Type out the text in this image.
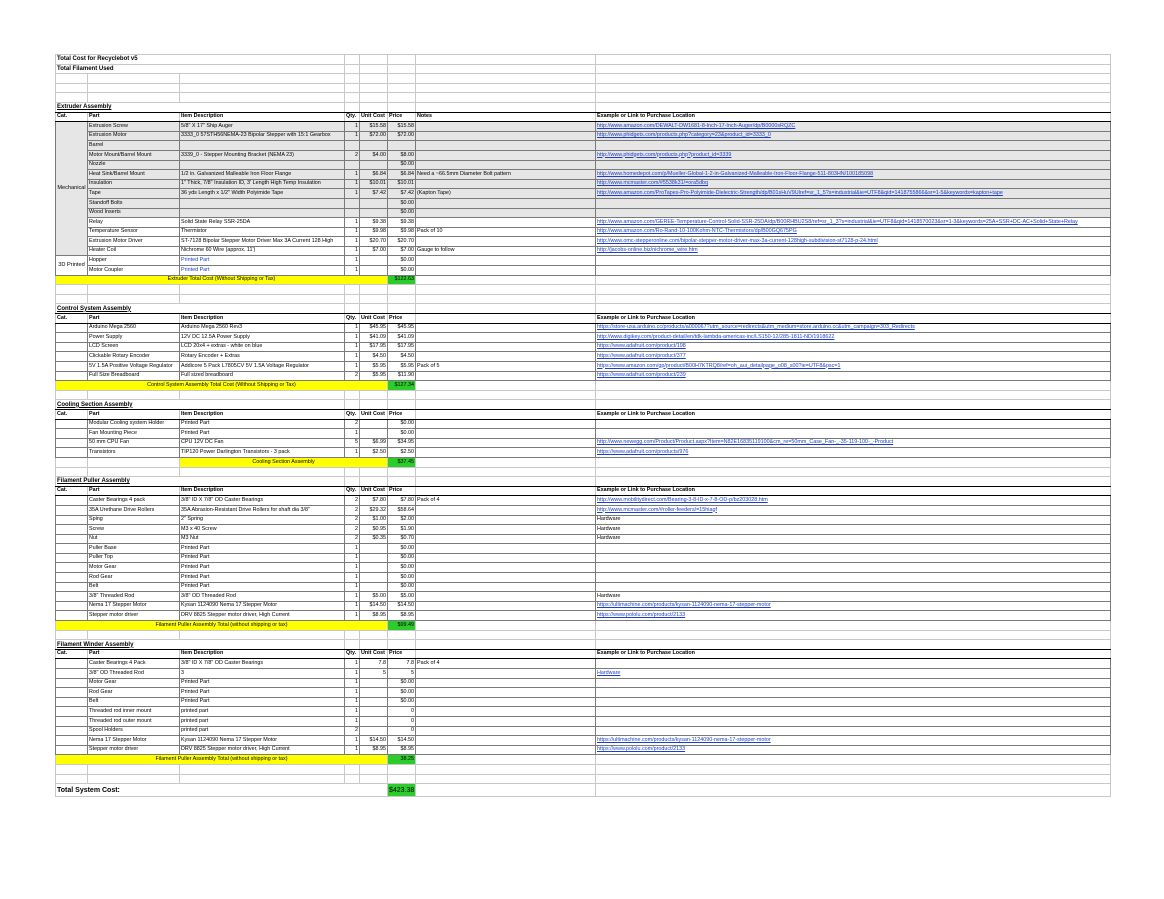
Total Cost for Recyclebot v5							
Total Filament Used							

Extruder Assembly							
Cat.	Part	Item Description	Qty.	Unit Cost	Price	Notes	Example or Link to Purchase Location
Mechanical	Extrusion Screw	5/8" X 17" Ship Auger	1	$15.58	$15.58		http://www.amazon.com/DEWALT-DW1681-8-Inch-17-Inch-Auger/dp/B0000sRQZC
	Extrusion Motor	3333_0 57STH56NEMA-23 Bipolar Stepper with 15:1 Gearbox	1	$72.00	$72.00		http://www.phidgets.com/products.php?category=23&product_id=3333_0
	Barrel						
	Motor Mount/Barrel Mount	3339_0 - Stepper Mounting Bracket (NEMA 23)	2	$4.00	$8.00		http://www.phidgets.com/products.php?product_id=3339
	Nozzle				$0.00		
	Heat Sink/Barrel Mount	1/2 in. Galvanized Malleable Iron Floor Flange	1	$6.84	$6.84	Need a ~66.5mm Diameter Bolt pattern	http://www.homedepot.com/p/Mueller-Global-1-2-in-Galvanized-Malleable-Iron-Floor-Flange-511-803HN/100185098
	Insulation	1" Thick, 7/8" Insulation ID, 3' Length High Temp Insulation	1	$10.01	$10.01		http://www.mcmaster.com/#5538k31/=ora5dbq
	Tape	36 yds Length x 1/2" Width Polyimide Tape	1	$7.42	$7.42	(Kapton Tape)	http://www.amazon.com/ProTapes-Pro-Polyimide-Dielectric-Strength/dp/B01sHuV9Ulref=sr_1_5?s=industrial&ie=UTF8&qid=1418755866&sr=1-5&keywords=kapton+tape
	Standoff Bolts				$0.00		
	Wood Inserts				$0.00		
	Relay	Solid State Relay SSR-25DA	1	$9.38	$9.38		http://www.amazon.com/GEREE-Temperature-Control-Solid-SSR-25DA/dp/B00RHBU2S8/ref=sr_1_3?s=industrial&ie=UTF8&qid=1418570023&sr=1-3&keywords=25A+SSR+DC-AC+Solid+State+Relay
	Temperature Sensor	Thermistor	1	$9.98	$9.98	Pack of 10	http://www.amazon.com/Ro-Rand-10-100Kohm-NTC-Thermistors/dp/B00GQ675PG
	Extrusion Motor Driver	ST-7128 Bipolar Stepper Motor Driver Max 3A Current 128 High	1	$20.70	$20.70		http://www.omc-stepperonline.com/bipolar-stepper-motor-driver-max-3a-current-128high-subdivision-st7128-p-24.html
	Heater Coil	Nichrome 60 Wire (approx. 11')	1	$7.00	$7.00	Gauge to follow	http://jacobs-online.biz/nichrome_wire.htm
3D Printed	Hopper	Printed Part	1		$0.00		
	Motor Coupler	Printed Part	1		$0.00		
Extruder Total Cost (Without Shipping or Tax)					$122.63		

Control System Assembly							
Cat.	Part	Item Description	Qty.	Unit Cost	Price		Example or Link to Purchase Location
	Arduino Mega 2560	Arduino Mega 2560 Rev3	1	$45.95	$45.95		https://store-usa.arduino.cc/products/a000067?utm_source=redirects&utm_medium=store.arduino.cc&utm_campaign=303_Redirects
	Power Supply	12V DC 12.5A Power Supply	1	$41.09	$41.09		http://www.digikey.com/product-detail/en/tdk-lambda-americas-inc/LS150-12/285-1811-ND/1918622
	LCD Screen	LCD 20x4 + extras - white on blue	1	$17.95	$17.95		https://www.adafruit.com/product/198
	Clickable Rotary Encoder	Rotary Encoder + Extras	1	$4.50	$4.50		https://www.adafruit.com/product/377
	5V 1.5A Positive Voltage Regulator	Addicore 5 Pack L7805CV 5V 1.5A Voltage Regulator	1	$5.95	$5.95	Pack of 5	https://www.amazon.com/gp/product/B00H7KTRQ8/ref=oh_aui_detailpage_o08_s00?ie=UTF8&psc=1
	Full Size Breadboard	Full sized breadboard	2	$5.95	$11.90		https://www.adafruit.com/product/239
Control System Assembly Total Cost (Without Shipping or Tax)					$127.34		

Cooling Section Assembly							
Cat.	Part	Item Description	Qty.	Unit Cost	Price		Example or Link to Purchase Location
	Modular Cooling system Holder	Printed Part	2		$0.00		
	Fan Mounting Piece	Printed Part	1		$0.00		
	50 mm CPU Fan	CPU 12V DC Fan	5	$6.99	$34.95		http://www.newegg.com/Product/Product.aspx?Item=N82E16835119100&cm_re=50mm_Case_Fan-_-35-119-100-_-Product
	Transistors	TIP120 Power Darlington Transistors - 3 pack	1	$2.50	$2.50		https://www.adafruit.com/products/976
		Cooling Section Assembly			$37.45		

Filament Puller Assembly							
Cat.	Part	Item Description	Qty.	Unit Cost	Price		Example or Link to Purchase Location
	Caster Bearings 4 pack	3/8" ID X 7/8" OD Caster Bearings	2	$7.80	$7.80	Pack of 4	http://www.mobilitydirect.com/Bearing-3-8-ID-x-7-8-OD-p/bz203028.htm
	35A Urethane Drive Rollers	35A Abrasion-Resistant Drive Rollers for shaft dia 3/8"	2	$29.32	$58.64		http://www.mcmaster.com/#roller-feeders/=15hiagf
	Sping	2" Spring	2	$1.00	$2.00		Hardware
	Screw	M3 x 40 Screw	2	$0.95	$1.90		Hardware
	Nut	M3 Nut	2	$0.35	$0.70		Hardware
	Puller Base	Printed Part	1		$0.00		
	Puller Top	Printed Part	1		$0.00		
	Motor Gear	Printed Part	1		$0.00		
	Rod Gear	Printed Part	1		$0.00		
	Belt	Printed Part	1		$0.00		
	3/8" Threaded Rod	3/8" OD Threaded Rod	1	$5.00	$5.00		Hardware
	Nema 17 Stepper Motor	Kysan 1124090 Nema 17 Stepper Motor	1	$14.50	$14.50		https://ultimachine.com/products/kysan-1124090-nema-17-stepper-motor
	Stepper motor driver	DRV 8825 Stepper motor driver, High Current	1	$8.95	$8.95		https://www.pololu.com/product/2133
Filament Puller Assembly Total (without shipping or tax)					$99.49		

Filament Winder Assembly							
Cat.	Part	Item Description	Qty.	Unit Cost	Price		Example or Link to Purchase Location
	Caster Bearings 4 Pack	3/8" ID X 7/8" OD Caster Bearings	1	7.8	7.8	Pack of 4	
	3/8" OD Threaded Rod	3	1	5	5		Hardware
	Motor Gear	Printed Part	1		$0.00		
	Rod Gear	Printed Part	1		$0.00		
	Belt	Printed Part	1		$0.00		
	Threaded rod inner mount	printed part	1		0		
	Threaded rod outer mount	printed part	1		0		
	Spool Holders	printed part	2		0		
	Nema 17 Stepper Motor	Kysan 1124090 Nema 17 Stepper Motor	1	$14.50	$14.50		https://ultimachine.com/products/kysan-1124090-nema-17-stepper-motor
	Stepper motor driver	DRV 8825 Stepper motor driver, High Current	1	$8.95	$8.95		https://www.pololu.com/product/2133
Filament Puller Assembly Total (without shipping or tax)					38.25		

Total System Cost:					$423.38		
